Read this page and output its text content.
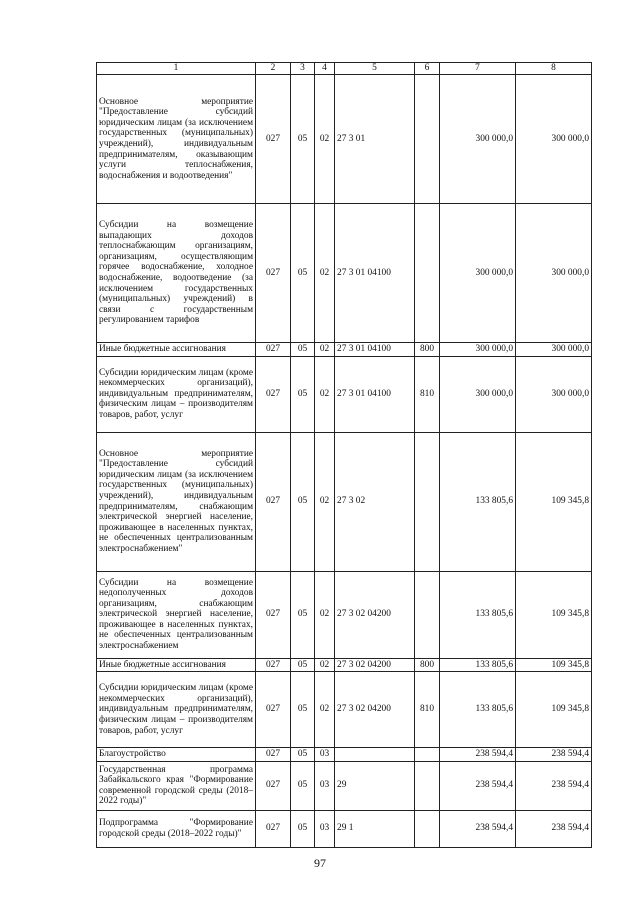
1	2	3	4	5	6	7	8
Основное мероприятие "Предоставление субсидий юридическим лицам (за исключением государственных (муниципальных) учреждений), индивидуальным предпринимателям, оказывающим услуги теплоснабжения, водоснабжения и водоотведения"	027	05	02	27 3 01		300 000,0	300 000,0
Субсидии на возмещение выпадающих доходов теплоснабжающим организациям, организациям, осуществляющим горячее водоснабжение, холодное водоснабжение, водоотведение (за исключением государственных (муниципальных) учреждений) в связи с государственным регулированием тарифов	027	05	02	27 3 01 04100		300 000,0	300 000,0
Иные бюджетные ассигнования	027	05	02	27 3 01 04100	800	300 000,0	300 000,0
Субсидии юридическим лицам (кроме некоммерческих организаций), индивидуальным предпринимателям, физическим лицам – производителям товаров, работ, услуг	027	05	02	27 3 01 04100	810	300 000,0	300 000,0
Основное мероприятие "Предоставление субсидий юридическим лицам (за исключением государственных (муниципальных) учреждений), индивидуальным предпринимателям, снабжающим электрической энергией население, проживающее в населенных пунктах, не обеспеченных централизованным электроснабжением"	027	05	02	27 3 02		133 805,6	109 345,8
Субсидии на возмещение недополученных доходов организациям, снабжающим электрической энергией население, проживающее в населенных пунктах, не обеспеченных централизованным электроснабжением	027	05	02	27 3 02 04200		133 805,6	109 345,8
Иные бюджетные ассигнования	027	05	02	27 3 02 04200	800	133 805,6	109 345,8
Субсидии юридическим лицам (кроме некоммерческих организаций), индивидуальным предпринимателям, физическим лицам – производителям товаров, работ, услуг	027	05	02	27 3 02 04200	810	133 805,6	109 345,8
Благоустройство	027	05	03			238 594,4	238 594,4
Государственная программа Забайкальского края "Формирование современной городской среды (2018–2022 годы)"	027	05	03	29		238 594,4	238 594,4
Подпрограмма "Формирование городской среды (2018–2022 годы)"	027	05	03	29 1		238 594,4	238 594,4
97
